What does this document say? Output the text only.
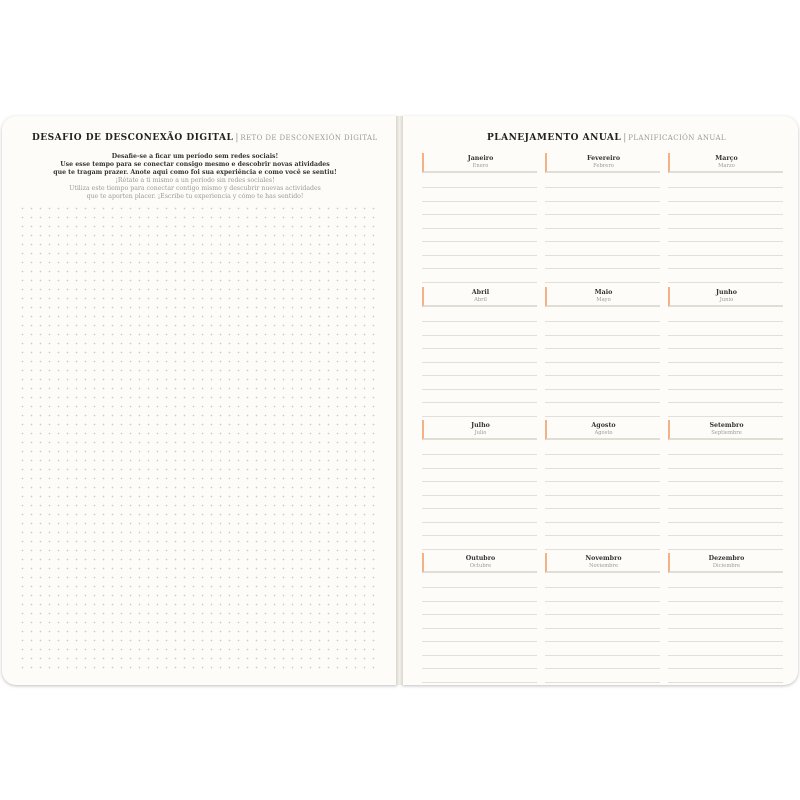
DESAFIO DE DESCONEXÃO DIGITAL | RETO DE DESCONEXIÓN DIGITAL
Desafie-se a ficar um período sem redes sociais!
Use esse tempo para se conectar consigo mesmo e descobrir novas atividades
que te tragam prazer. Anote aqui como foi sua experiência e como você se sentiu!
¡Rétate a ti mismo a un período sin redes sociales!
Utiliza este tiempo para conectar contigo mismo y descubrir nuevas actividades
que te aporten placer. ¡Escribe tu experiencia y cómo te has sentido!
PLANEJAMENTO ANUAL | PLANIFICACIÓN ANUAL
Janeiro
Enero
Fevereiro
Febrero
Março
Marzo
Abril
Abril
Maio
Mayo
Junho
Junio
Julho
Julio
Agosto
Agosto
Setembro
Septiembre
Outubro
Octubre
Novembro
Noviembre
Dezembro
Diciembre
